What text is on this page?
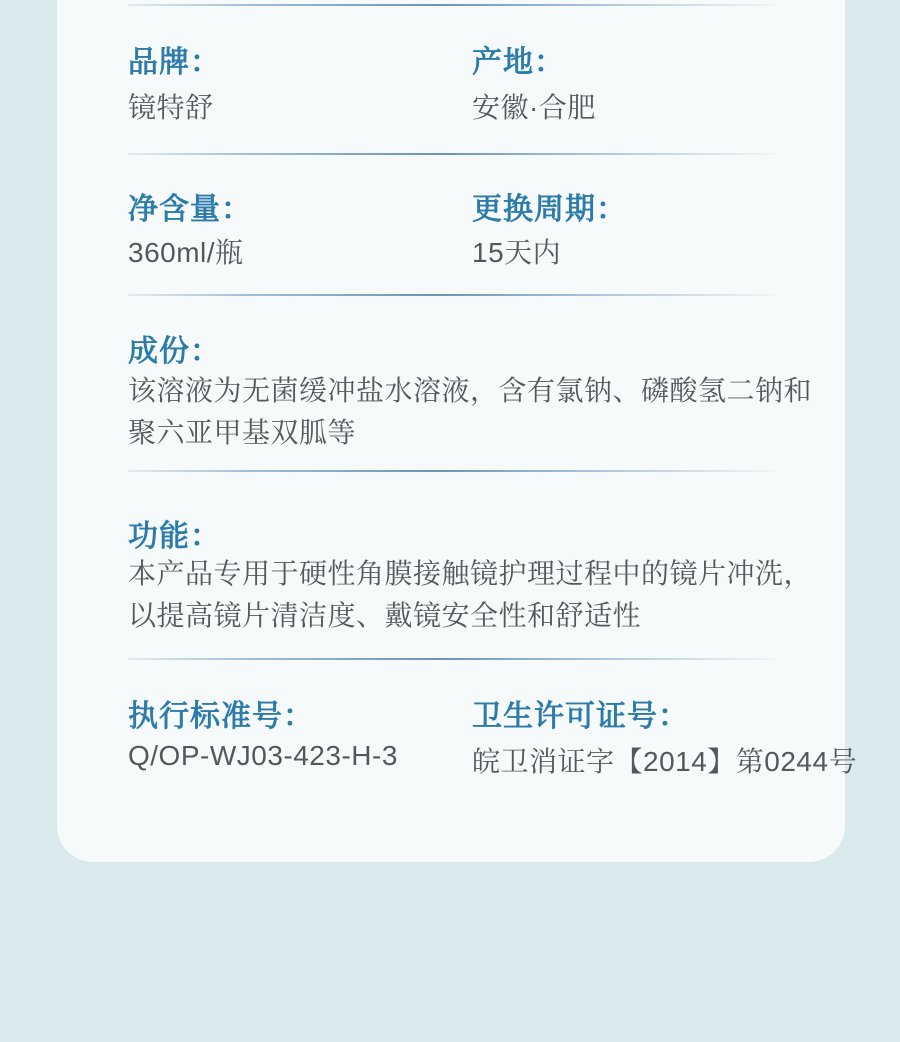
品牌：
镜特舒
产地：
安徽·合肥
净含量：
360ml/瓶
更换周期：
15天内
成份：
该溶液为无菌缓冲盐水溶液，含有氯钠、磷酸氢二钠和
聚六亚甲基双胍等
功能：
本产品专用于硬性角膜接触镜护理过程中的镜片冲洗，
以提高镜片清洁度、戴镜安全性和舒适性
执行标准号：
Q/OP-WJ03-423-H-3
卫生许可证号：
皖卫消证字【2014】第0244号
